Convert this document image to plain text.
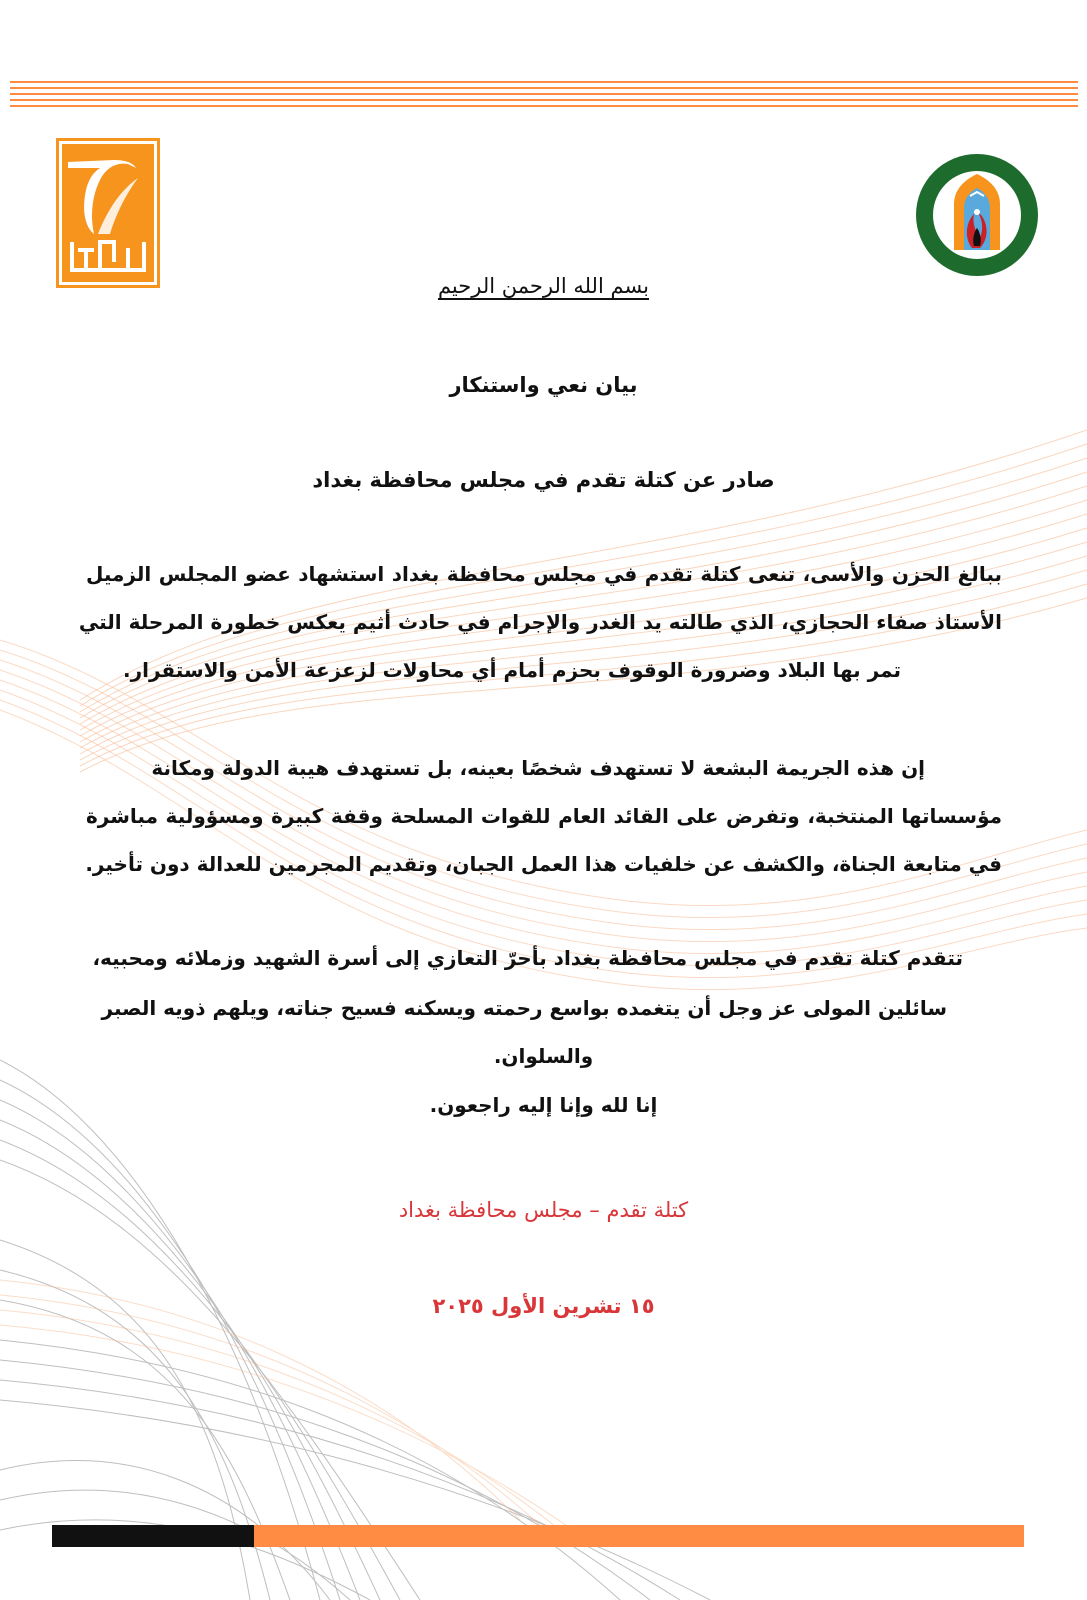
بسم الله الرحمن الرحيم

بيان نعي واستنكار

صادر عن كتلة تقدم في مجلس محافظة بغداد

ببالغ الحزن والأسى، تنعى كتلة تقدم في مجلس محافظة بغداد استشهاد عضو المجلس الزميل

الأستاذ صفاء الحجازي، الذي طالته يد الغدر والإجرام في حادث أثيم يعكس خطورة المرحلة التي

تمر بها البلاد وضرورة الوقوف بحزم أمام أي محاولات لزعزعة الأمن والاستقرار.

إن هذه الجريمة البشعة لا تستهدف شخصًا بعينه، بل تستهدف هيبة الدولة ومكانة

مؤسساتها المنتخبة، وتفرض على القائد العام للقوات المسلحة وقفة كبيرة ومسؤولية مباشرة

في متابعة الجناة، والكشف عن خلفيات هذا العمل الجبان، وتقديم المجرمين للعدالة دون تأخير.

تتقدم كتلة تقدم في مجلس محافظة بغداد بأحرّ التعازي إلى أسرة الشهيد وزملائه ومحبيه،

سائلين المولى عز وجل أن يتغمده بواسع رحمته ويسكنه فسيح جناته، ويلهم ذويه الصبر

والسلوان.

إنا لله وإنا إليه راجعون.

كتلة تقدم – مجلس محافظة بغداد

١٥ تشرين الأول ٢٠٢٥
